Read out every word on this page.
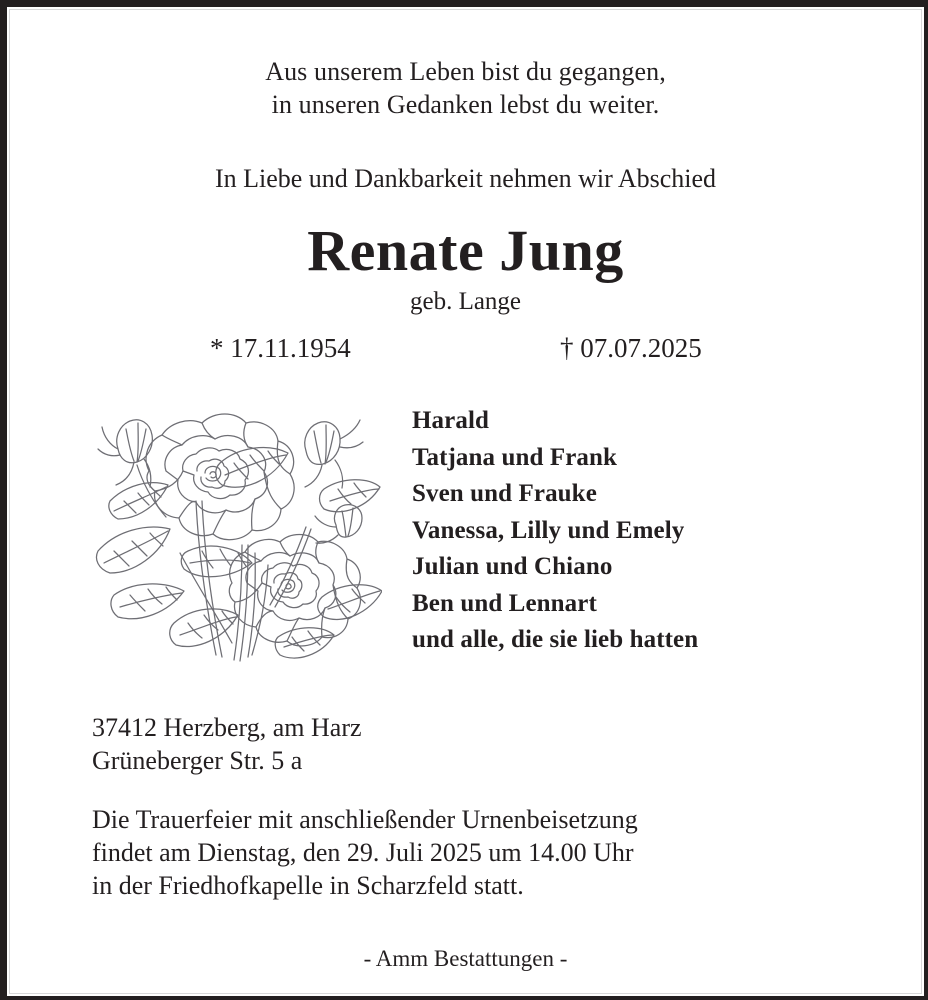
Aus unserem Leben bist du gegangen,
in unseren Gedanken lebst du weiter.
In Liebe und Dankbarkeit nehmen wir Abschied
Renate Jung
geb. Lange
* 17.11.1954	† 07.07.2025
Harald
Tatjana und Frank
Sven und Frauke
Vanessa, Lilly und Emely
Julian und Chiano
Ben und Lennart
und alle, die sie lieb hatten
37412 Herzberg, am Harz
Grüneberger Str. 5 a
Die Trauerfeier mit anschließender Urnenbeisetzung
findet am Dienstag, den 29. Juli 2025 um 14.00 Uhr
in der Friedhofkapelle in Scharzfeld statt.
- Amm Bestattungen -
